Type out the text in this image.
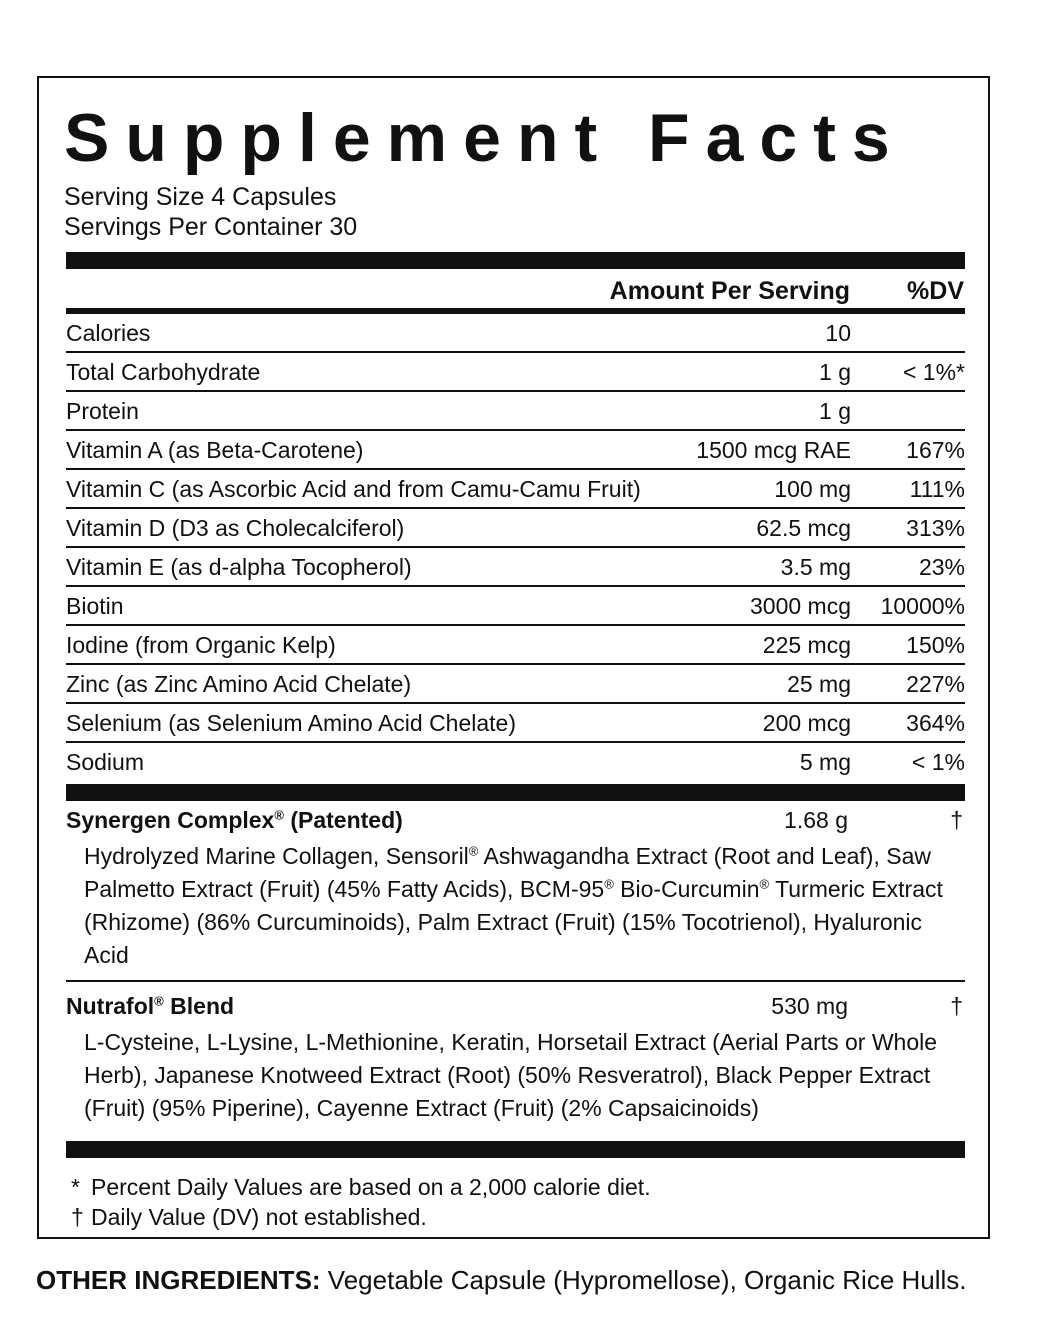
Supplement Facts
Serving Size 4 Capsules
Servings Per Container 30
%DV
Amount Per Serving
Calories	10
Total Carbohydrate	1 g < 1%*
Protein	1 g
Vitamin A (as Beta-Carotene)	1500 mcg RAE 167%
Vitamin C (as Ascorbic Acid and from Camu-Camu Fruit)	100 mg	111%
Vitamin D (D3 as Cholecalciferol)	62.5 mcg 313%
Vitamin E (as d-alpha Tocopherol)	3.5 mg	23%
Biotin	3000 mcg 10000%
Iodine (from Organic Kelp)	225 mcg 150%
Zinc (as Zinc Amino Acid Chelate)	25 mg 227%
Selenium (as Selenium Amino Acid Chelate)	200 mcg 364%
Sodium	5 mg	< 1%
Synergen Complex® (Patented)	1.68 g	†
Hydrolyzed Marine Collagen, Sensoril® Ashwagandha Extract (Root and Leaf), Saw Palmetto Extract (Fruit) (45% Fatty Acids), BCM-95® Bio-Curcumin® Turmeric Extract (Rhizome) (86% Curcuminoids), Palm Extract (Fruit) (15% Tocotrienol), Hyaluronic Acid
Nutrafol® Blend	530 mg	†
L-Cysteine, L-Lysine, L-Methionine, Keratin, Horsetail Extract (Aerial Parts or Whole Herb), Japanese Knotweed Extract (Root) (50% Resveratrol), Black Pepper Extract (Fruit) (95% Piperine), Cayenne Extract (Fruit) (2% Capsaicinoids)
* Percent Daily Values are based on a 2,000 calorie diet.
† Daily Value (DV) not established.
OTHER INGREDIENTS: Vegetable Capsule (Hypromellose), Organic Rice Hulls.
